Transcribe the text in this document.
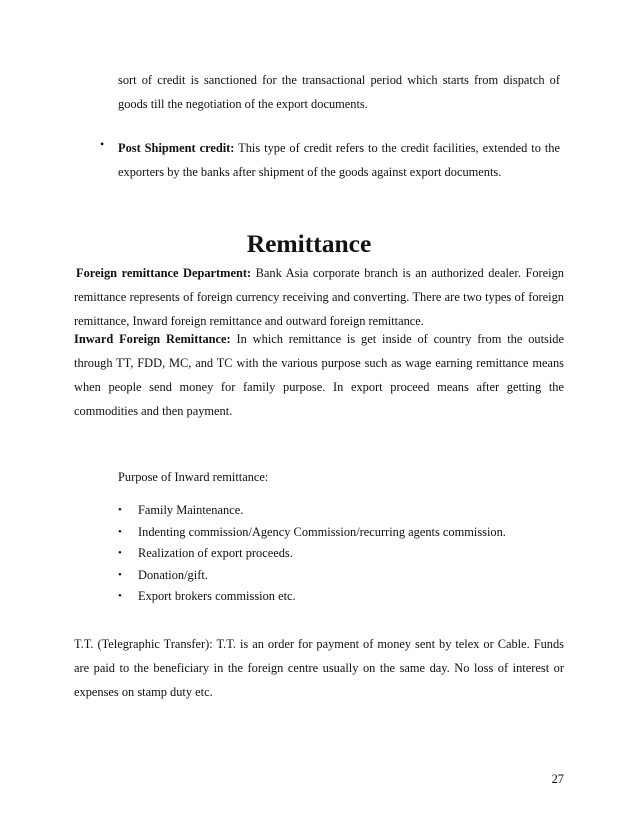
sort of credit is sanctioned for the transactional period which starts from dispatch of goods till the negotiation of the export documents.

• Post Shipment credit: This type of credit refers to the credit facilities, extended to the exporters by the banks after shipment of the goods against export documents.

Remittance

Foreign remittance Department: Bank Asia corporate branch is an authorized dealer. Foreign remittance represents of foreign currency receiving and converting. There are two types of foreign remittance, Inward foreign remittance and outward foreign remittance.

Inward Foreign Remittance: In which remittance is get inside of country from the outside through TT, FDD, MC, and TC with the various purpose such as wage earning remittance means when people send money for family purpose. In export proceed means after getting the commodities and then payment.

Purpose of Inward remittance:

• Family Maintenance.
• Indenting commission/Agency Commission/recurring agents commission.
• Realization of export proceeds.
• Donation/gift.
• Export brokers commission etc.

T.T. (Telegraphic Transfer): T.T. is an order for payment of money sent by telex or Cable. Funds are paid to the beneficiary in the foreign centre usually on the same day. No loss of interest or expenses on stamp duty etc.

27
